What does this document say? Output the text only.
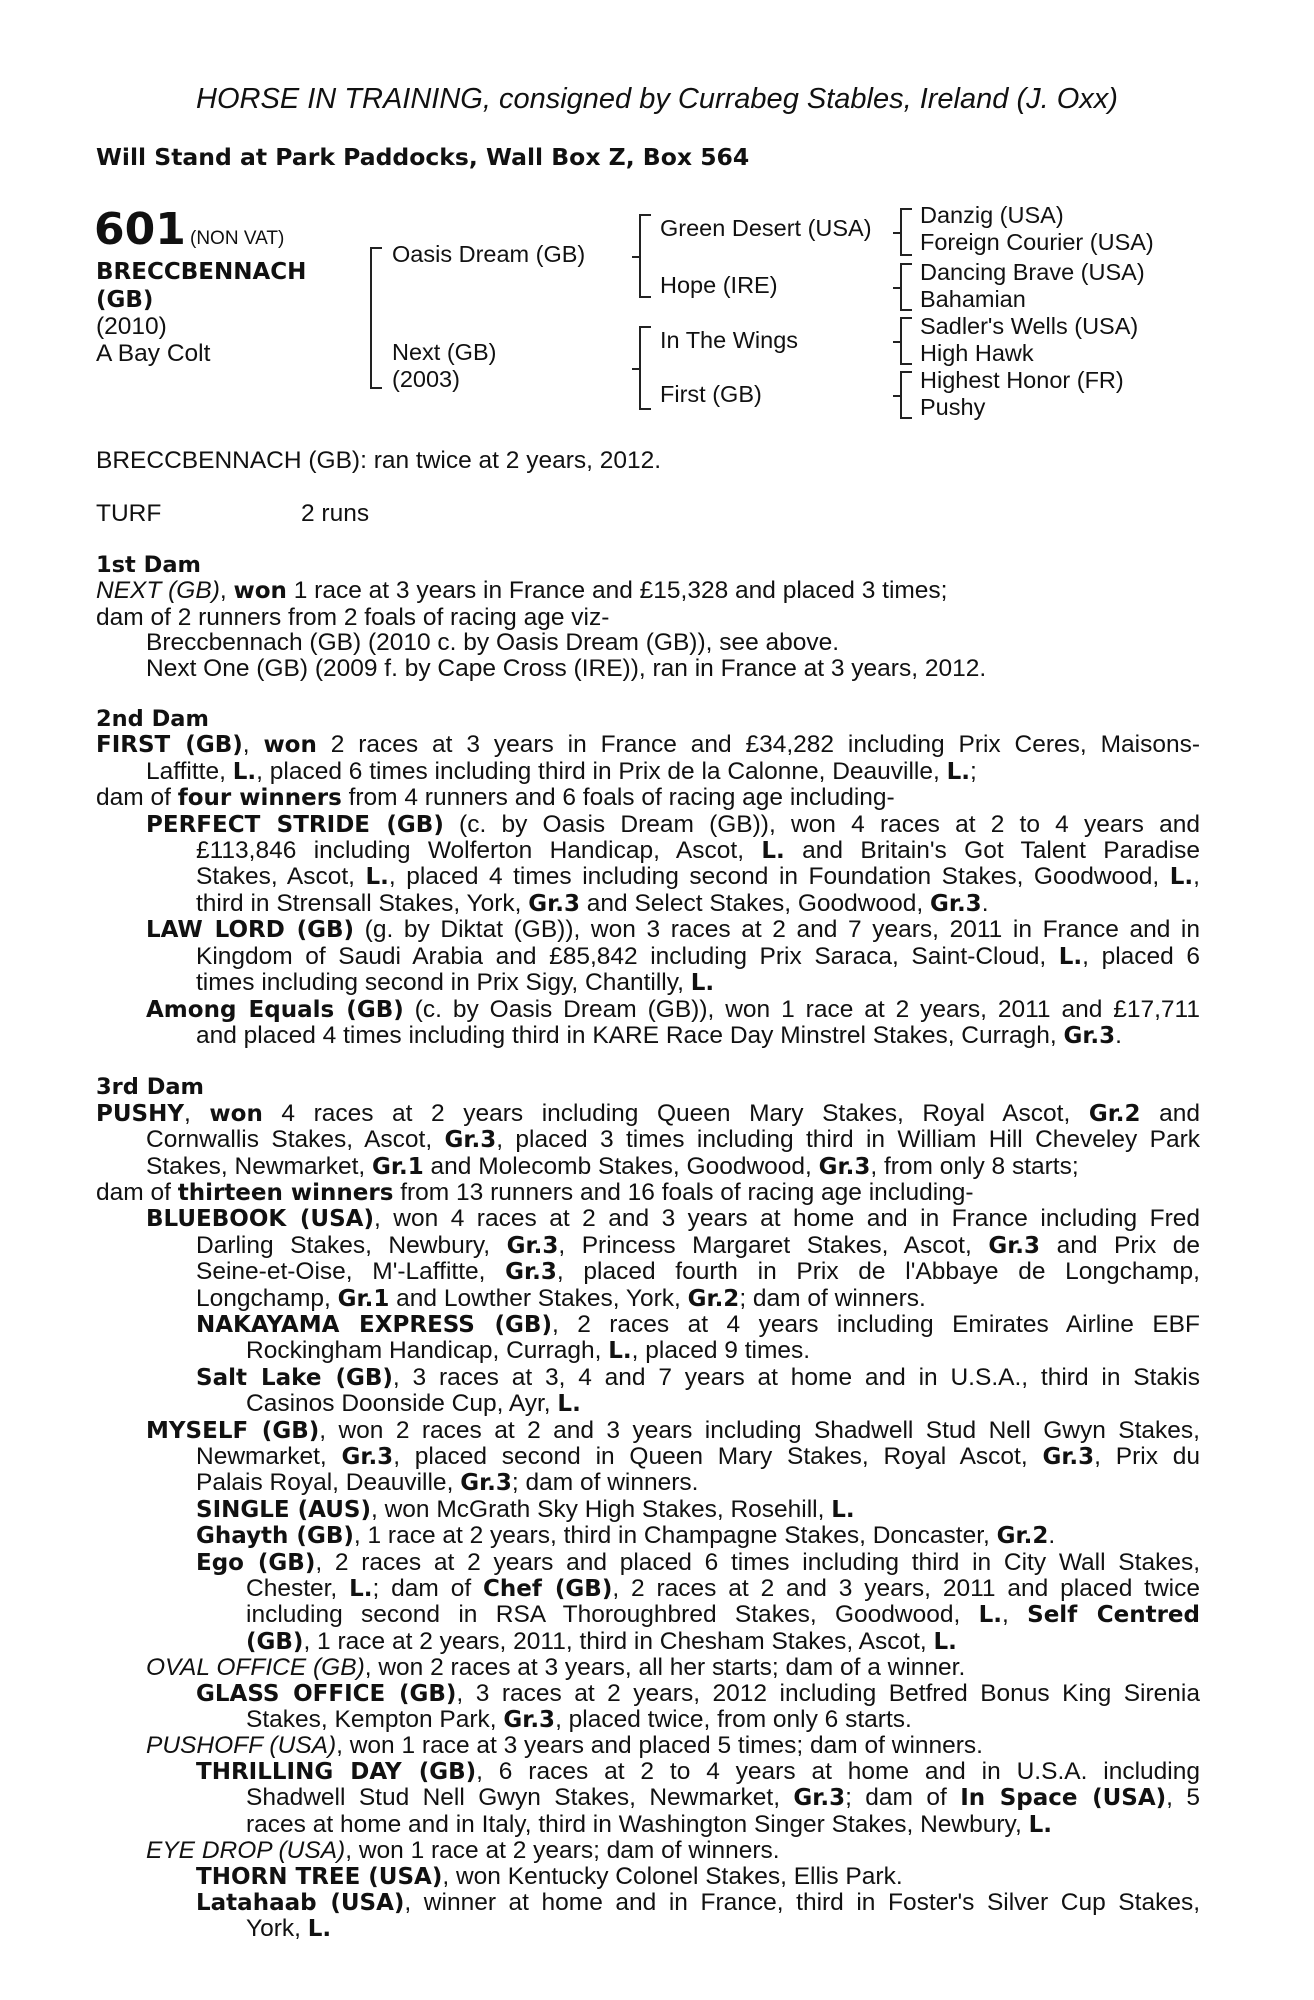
HORSE IN TRAINING, consigned by Currabeg Stables, Ireland (J. Oxx)
Will Stand at Park Paddocks, Wall Box Z, Box 564
601 (NON VAT)
BRECCBENNACH (GB)
(2010)
A Bay Colt
Oasis Dream (GB)
Next (GB)
(2003)
Green Desert (USA)
Hope (IRE)
In The Wings
First (GB)
Danzig (USA)
Foreign Courier (USA)
Dancing Brave (USA)
Bahamian
Sadler's Wells (USA)
High Hawk
Highest Honor (FR)
Pushy
BRECCBENNACH (GB): ran twice at 2 years, 2012.
TURF	2 runs
1st Dam
NEXT (GB), won 1 race at 3 years in France and £15,328 and placed 3 times;
dam of 2 runners from 2 foals of racing age viz-
Breccbennach (GB) (2010 c. by Oasis Dream (GB)), see above.
Next One (GB) (2009 f. by Cape Cross (IRE)), ran in France at 3 years, 2012.
2nd Dam
FIRST (GB), won 2 races at 3 years in France and £34,282 including Prix Ceres, Maisons-
Laffitte, L., placed 6 times including third in Prix de la Calonne, Deauville, L.;
dam of four winners from 4 runners and 6 foals of racing age including-
PERFECT STRIDE (GB) (c. by Oasis Dream (GB)), won 4 races at 2 to 4 years and
£113,846 including Wolferton Handicap, Ascot, L. and Britain's Got Talent Paradise
Stakes, Ascot, L., placed 4 times including second in Foundation Stakes, Goodwood, L.,
third in Strensall Stakes, York, Gr.3 and Select Stakes, Goodwood, Gr.3.
LAW LORD (GB) (g. by Diktat (GB)), won 3 races at 2 and 7 years, 2011 in France and in
Kingdom of Saudi Arabia and £85,842 including Prix Saraca, Saint-Cloud, L., placed 6
times including second in Prix Sigy, Chantilly, L.
Among Equals (GB) (c. by Oasis Dream (GB)), won 1 race at 2 years, 2011 and £17,711
and placed 4 times including third in KARE Race Day Minstrel Stakes, Curragh, Gr.3.
3rd Dam
PUSHY, won 4 races at 2 years including Queen Mary Stakes, Royal Ascot, Gr.2 and
Cornwallis Stakes, Ascot, Gr.3, placed 3 times including third in William Hill Cheveley Park
Stakes, Newmarket, Gr.1 and Molecomb Stakes, Goodwood, Gr.3, from only 8 starts;
dam of thirteen winners from 13 runners and 16 foals of racing age including-
BLUEBOOK (USA), won 4 races at 2 and 3 years at home and in France including Fred
Darling Stakes, Newbury, Gr.3, Princess Margaret Stakes, Ascot, Gr.3 and Prix de
Seine-et-Oise, M'-Laffitte, Gr.3, placed fourth in Prix de l'Abbaye de Longchamp,
Longchamp, Gr.1 and Lowther Stakes, York, Gr.2; dam of winners.
NAKAYAMA EXPRESS (GB), 2 races at 4 years including Emirates Airline EBF
Rockingham Handicap, Curragh, L., placed 9 times.
Salt Lake (GB), 3 races at 3, 4 and 7 years at home and in U.S.A., third in Stakis
Casinos Doonside Cup, Ayr, L.
MYSELF (GB), won 2 races at 2 and 3 years including Shadwell Stud Nell Gwyn Stakes,
Newmarket, Gr.3, placed second in Queen Mary Stakes, Royal Ascot, Gr.3, Prix du
Palais Royal, Deauville, Gr.3; dam of winners.
SINGLE (AUS), won McGrath Sky High Stakes, Rosehill, L.
Ghayth (GB), 1 race at 2 years, third in Champagne Stakes, Doncaster, Gr.2.
Ego (GB), 2 races at 2 years and placed 6 times including third in City Wall Stakes,
Chester, L.; dam of Chef (GB), 2 races at 2 and 3 years, 2011 and placed twice
including second in RSA Thoroughbred Stakes, Goodwood, L., Self Centred
(GB), 1 race at 2 years, 2011, third in Chesham Stakes, Ascot, L.
OVAL OFFICE (GB), won 2 races at 3 years, all her starts; dam of a winner.
GLASS OFFICE (GB), 3 races at 2 years, 2012 including Betfred Bonus King Sirenia
Stakes, Kempton Park, Gr.3, placed twice, from only 6 starts.
PUSHOFF (USA), won 1 race at 3 years and placed 5 times; dam of winners.
THRILLING DAY (GB), 6 races at 2 to 4 years at home and in U.S.A. including
Shadwell Stud Nell Gwyn Stakes, Newmarket, Gr.3; dam of In Space (USA), 5
races at home and in Italy, third in Washington Singer Stakes, Newbury, L.
EYE DROP (USA), won 1 race at 2 years; dam of winners.
THORN TREE (USA), won Kentucky Colonel Stakes, Ellis Park.
Latahaab (USA), winner at home and in France, third in Foster's Silver Cup Stakes,
York, L.
